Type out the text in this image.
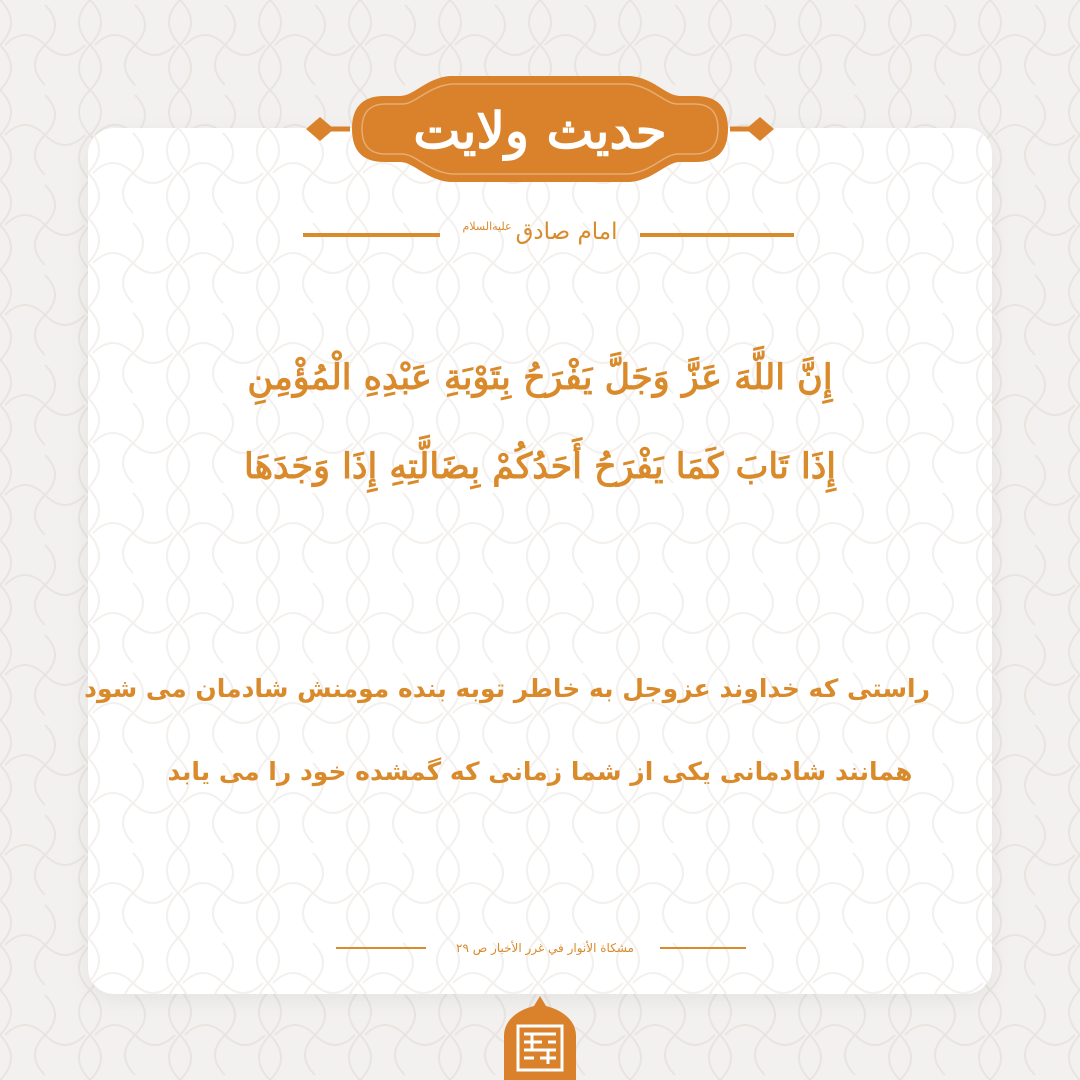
حدیث ولایت
امام صادق
$^{علیه‌السلام}$
إِنَّ اللَّهَ عَزَّ وَجَلَّ يَفْرَحُ بِتَوْبَةِ عَبْدِهِ الْمُؤْمِنِ
إِذَا تَابَ كَمَا يَفْرَحُ أَحَدُكُمْ بِضَالَّتِهِ إِذَا وَجَدَهَا
راستی که خداوند عزوجل به خاطر توبه بنده مومنش شادمان می شود
همانند شادمانی یکی از شما زمانی که گمشده خود را می یابد
مشکاة الأنوار في غرر الأخبار ص ۲۹
